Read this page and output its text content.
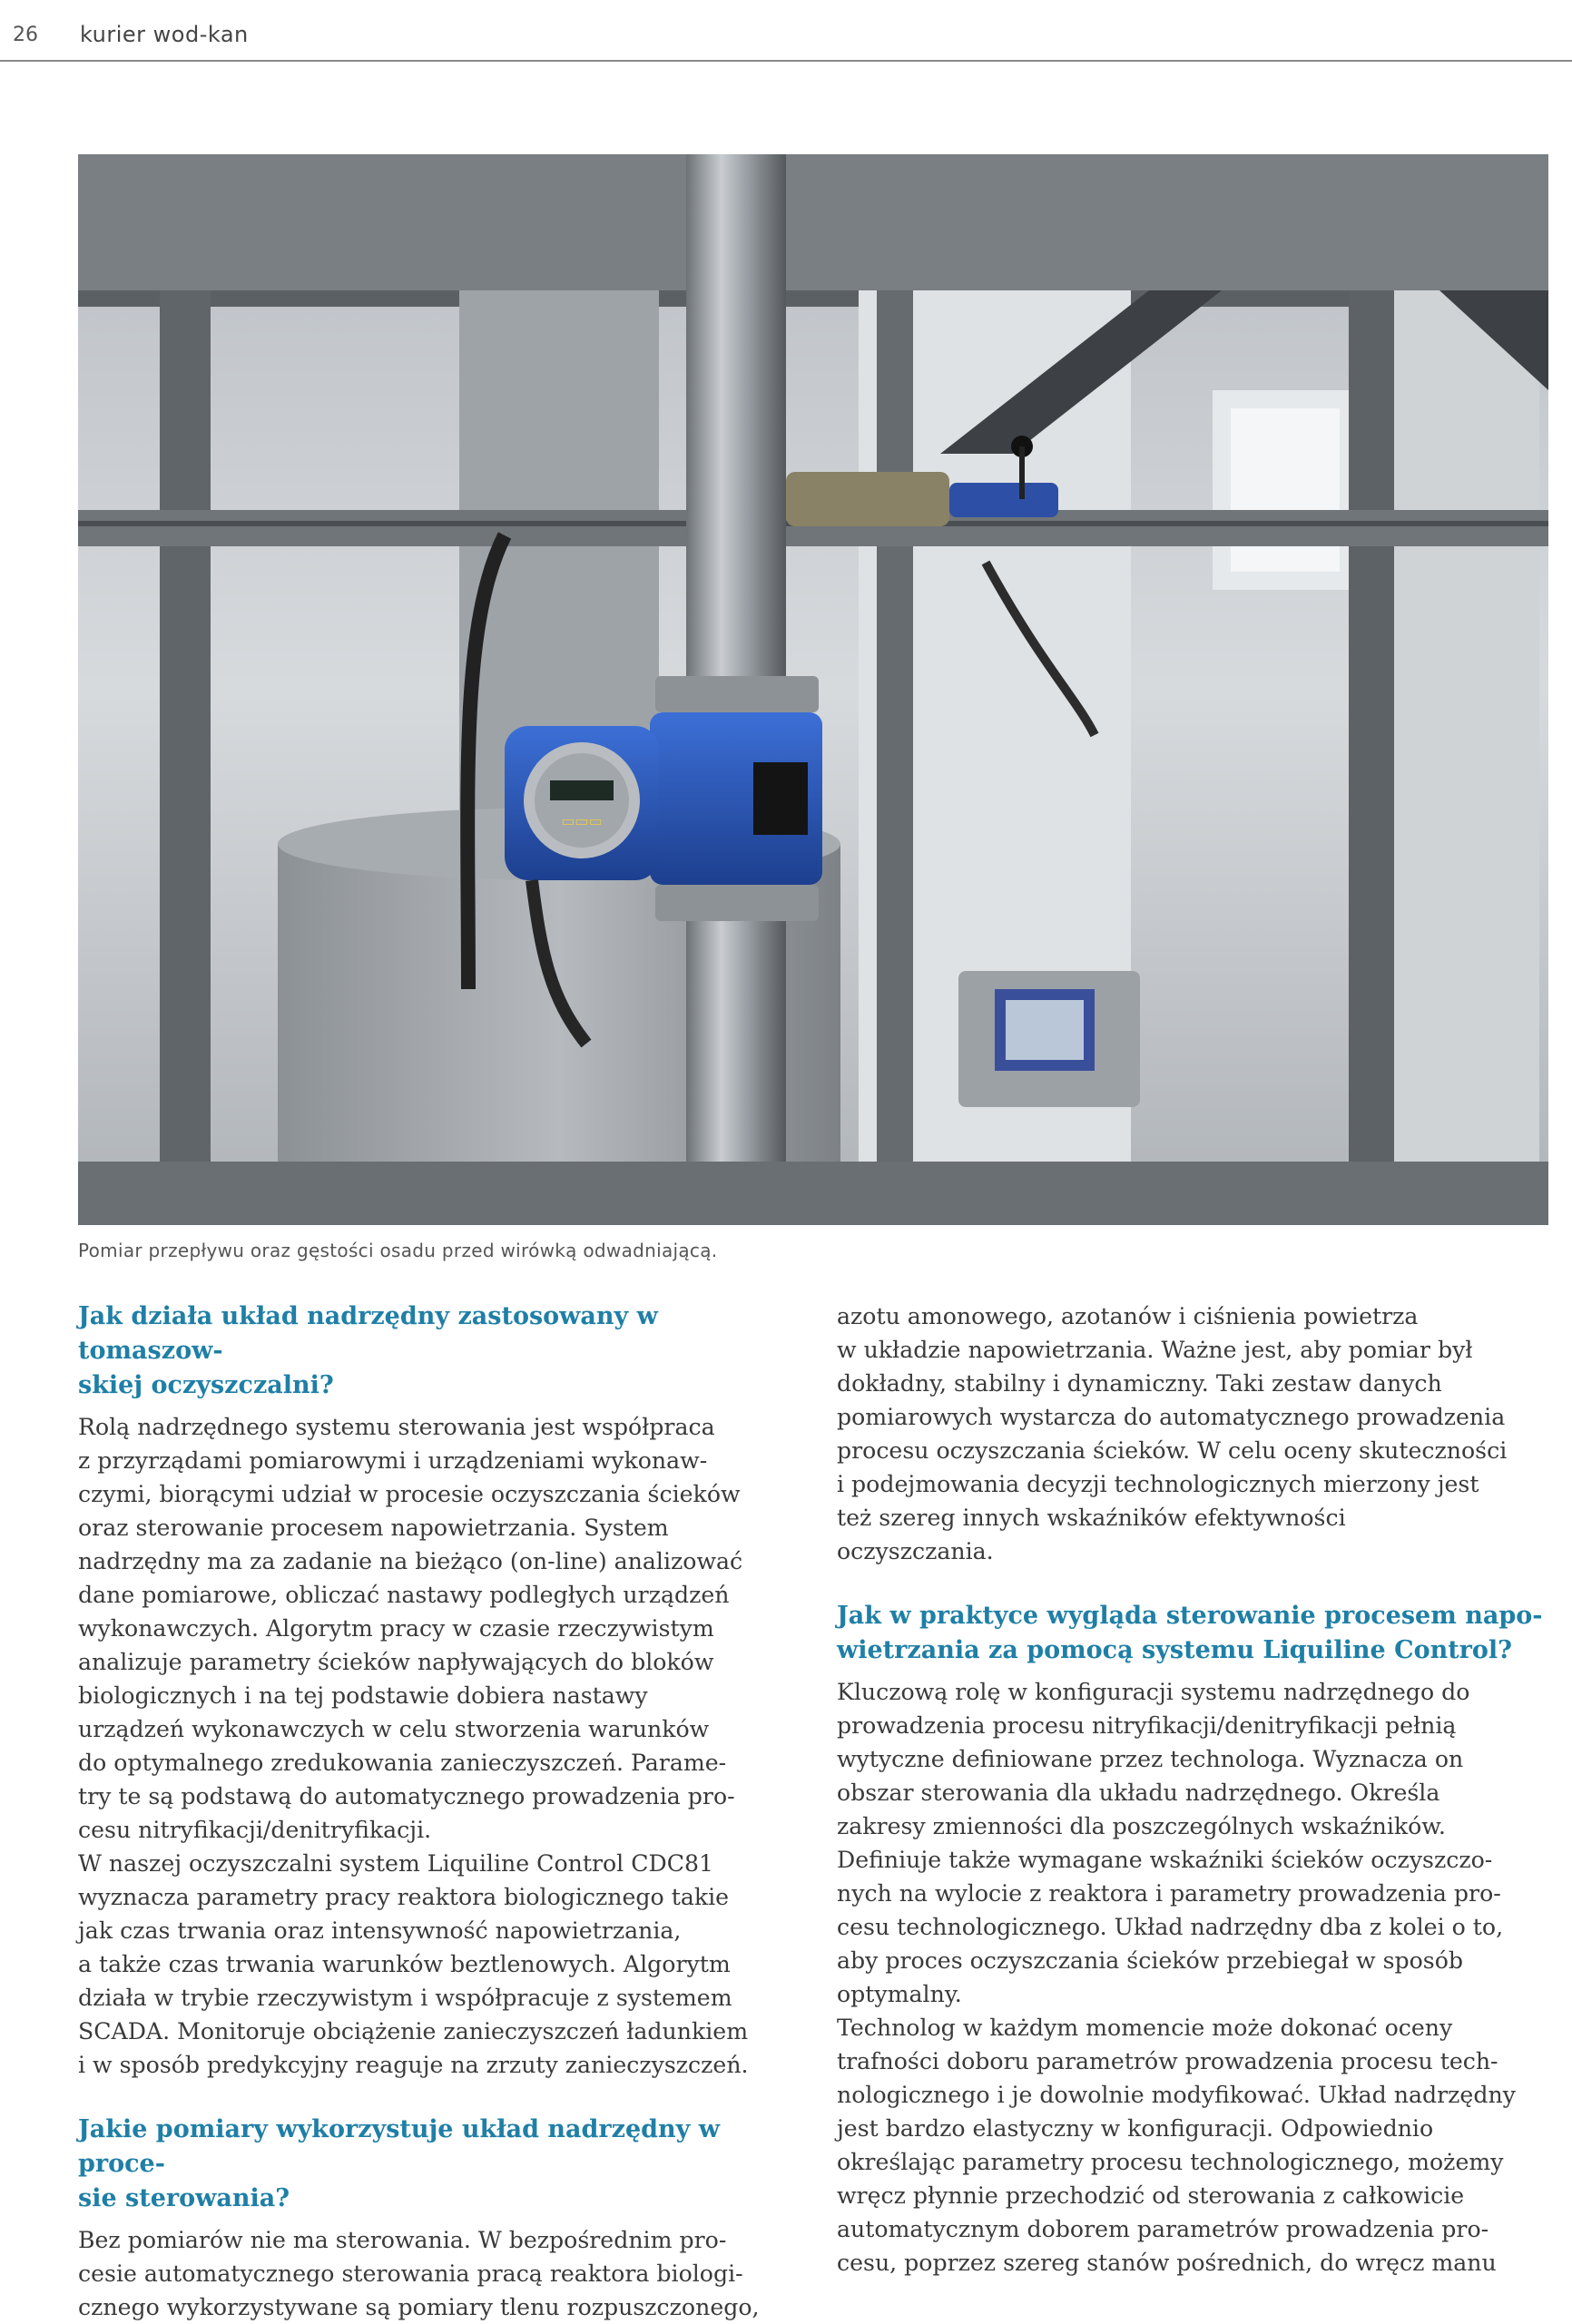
26 kurier wod-kan
▭▭▭
Pomiar przepływu oraz gęstości osadu przed wirówką odwadniającą.
Jak działa układ nadrzędny zastosowany w tomaszow-
skiej oczyszczalni?

Rolą nadrzędnego systemu sterowania jest współpraca
z przyrządami pomiarowymi i urządzeniami wykonaw-
czymi, biorącymi udział w procesie oczyszczania ścieków
oraz sterowanie procesem napowietrzania. System
nadrzędny ma za zadanie na bieżąco (on-line) analizować
dane pomiarowe, obliczać nastawy podległych urządzeń
wykonawczych. Algorytm pracy w czasie rzeczywistym
analizuje parametry ścieków napływających do bloków
biologicznych i na tej podstawie dobiera nastawy
urządzeń wykonawczych w celu stworzenia warunków
do optymalnego zredukowania zanieczyszczeń. Parame-
try te są podstawą do automatycznego prowadzenia pro-
cesu nitryfikacji/denitryfikacji.

W naszej oczyszczalni system Liquiline Control CDC81
wyznacza parametry pracy reaktora biologicznego takie
jak czas trwania oraz intensywność napowietrzania,
a także czas trwania warunków beztlenowych. Algorytm
działa w trybie rzeczywistym i współpracuje z systemem
SCADA. Monitoruje obciążenie zanieczyszczeń ładunkiem
i w sposób predykcyjny reaguje na zrzuty zanieczyszczeń.

Jakie pomiary wykorzystuje układ nadrzędny w proce-
sie sterowania?

Bez pomiarów nie ma sterowania. W bezpośrednim pro-
cesie automatycznego sterowania pracą reaktora biologi-
cznego wykorzystywane są pomiary tlenu rozpuszczonego,

azotu amonowego, azotanów i ciśnienia powietrza
w układzie napowietrzania. Ważne jest, aby pomiar był
dokładny, stabilny i dynamiczny. Taki zestaw danych
pomiarowych wystarcza do automatycznego prowadzenia
procesu oczyszczania ścieków. W celu oceny skuteczności
i podejmowania decyzji technologicznych mierzony jest
też szereg innych wskaźników efektywności
oczyszczania.

Jak w praktyce wygląda sterowanie procesem napo-
wietrzania za pomocą systemu Liquiline Control?

Kluczową rolę w konfiguracji systemu nadrzędnego do
prowadzenia procesu nitryfikacji/denitryfikacji pełnią
wytyczne definiowane przez technologa. Wyznacza on
obszar sterowania dla układu nadrzędnego. Określa
zakresy zmienności dla poszczególnych wskaźników.
Definiuje także wymagane wskaźniki ścieków oczyszczo-
nych na wylocie z reaktora i parametry prowadzenia pro-
cesu technologicznego. Układ nadrzędny dba z kolei o to,
aby proces oczyszczania ścieków przebiegał w sposób
optymalny.

Technolog w każdym momencie może dokonać oceny
trafności doboru parametrów prowadzenia procesu tech-
nologicznego i je dowolnie modyfikować. Układ nadrzędny
jest bardzo elastyczny w konfiguracji. Odpowiednio
określając parametry procesu technologicznego, możemy
wręcz płynnie przechodzić od sterowania z całkowicie
automatycznym doborem parametrów prowadzenia pro-
cesu, poprzez szereg stanów pośrednich, do wręcz manu
